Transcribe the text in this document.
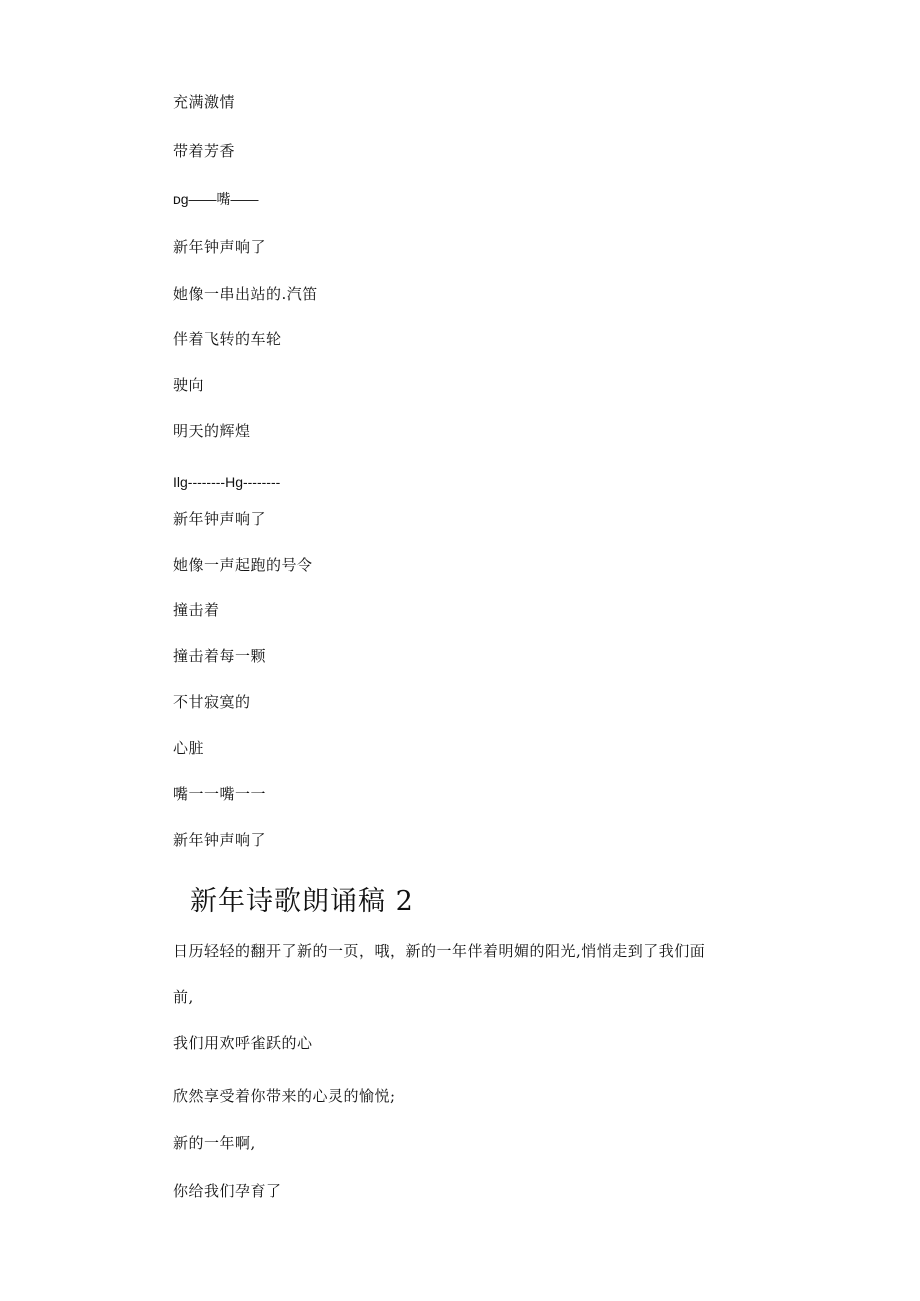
充满激情
带着芳香
ᴅg——嘴——
新年钟声响了
她像一串出站的.汽笛
伴着飞转的车轮
驶向
明天的辉煌
Ilg--------Hg--------
新年钟声响了
她像一声起跑的号令
撞击着
撞击着每一颗
不甘寂寞的
心脏
嘴一一嘴一一
新年钟声响了
新年诗歌朗诵稿 2
日历轻轻的翻开了新的一页，哦，新的一年伴着明媚的阳光,悄悄走到了我们面
前,
我们用欢呼雀跃的心
欣然享受着你带来的心灵的愉悦;
新的一年啊,
你给我们孕育了
